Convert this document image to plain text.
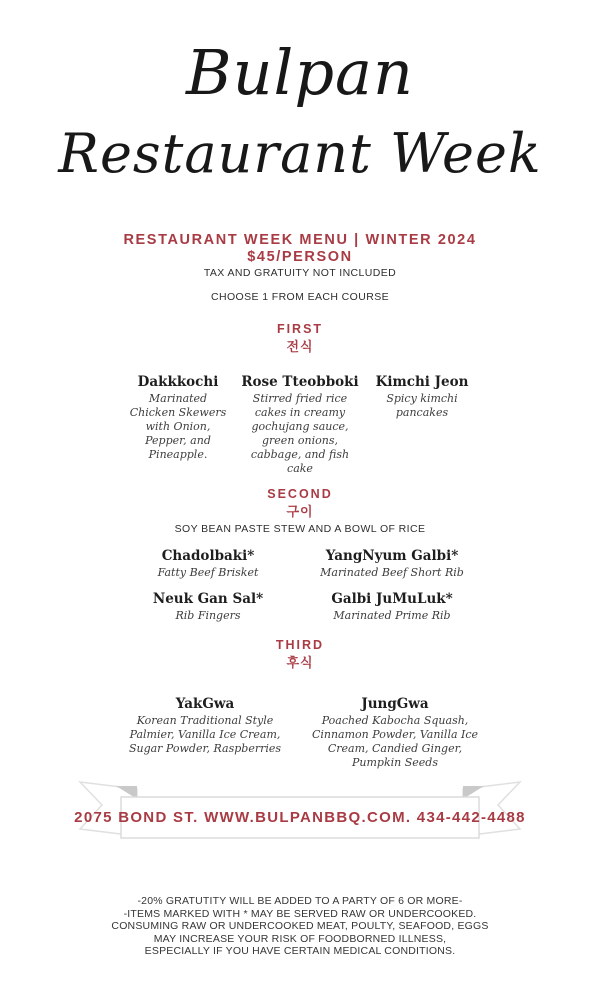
Bulpan
Restaurant Week
RESTAURANT WEEK MENU | WINTER 2024
$45/PERSON
TAX AND GRATUITY NOT INCLUDED
CHOOSE 1 FROM EACH COURSE
FIRST
전식
Dakkkochi
Marinated Chicken Skewers with Onion, Pepper, and Pineapple.
Rose Tteobboki
Stirred fried rice cakes in creamy gochujang sauce, green onions, cabbage, and fish cake
Kimchi Jeon
Spicy kimchi pancakes
SECOND
구이
SOY BEAN PASTE STEW AND A BOWL OF RICE
Chadolbaki*
Fatty Beef Brisket
YangNyum Galbi*
Marinated Beef Short Rib
Neuk Gan Sal*
Rib Fingers
Galbi JuMuLuk*
Marinated Prime Rib
THIRD
후식
YakGwa
Korean Traditional Style Palmier, Vanilla Ice Cream, Sugar Powder, Raspberries
JungGwa
Poached Kabocha Squash, Cinnamon Powder, Vanilla Ice Cream, Candied Ginger, Pumpkin Seeds
2075 BOND ST. WWW.BULPANBBQ.COM. 434-442-4488
-20% GRATUTITY WILL BE ADDED TO A PARTY OF 6 OR MORE-
-ITEMS MARKED WITH * MAY BE SERVED RAW OR UNDERCOOKED.
CONSUMING RAW OR UNDERCOOKED MEAT, POULTY, SEAFOOD, EGGS
MAY INCREASE YOUR RISK OF FOODBORNED ILLNESS,
ESPECIALLY IF YOU HAVE CERTAIN MEDICAL CONDITIONS.
